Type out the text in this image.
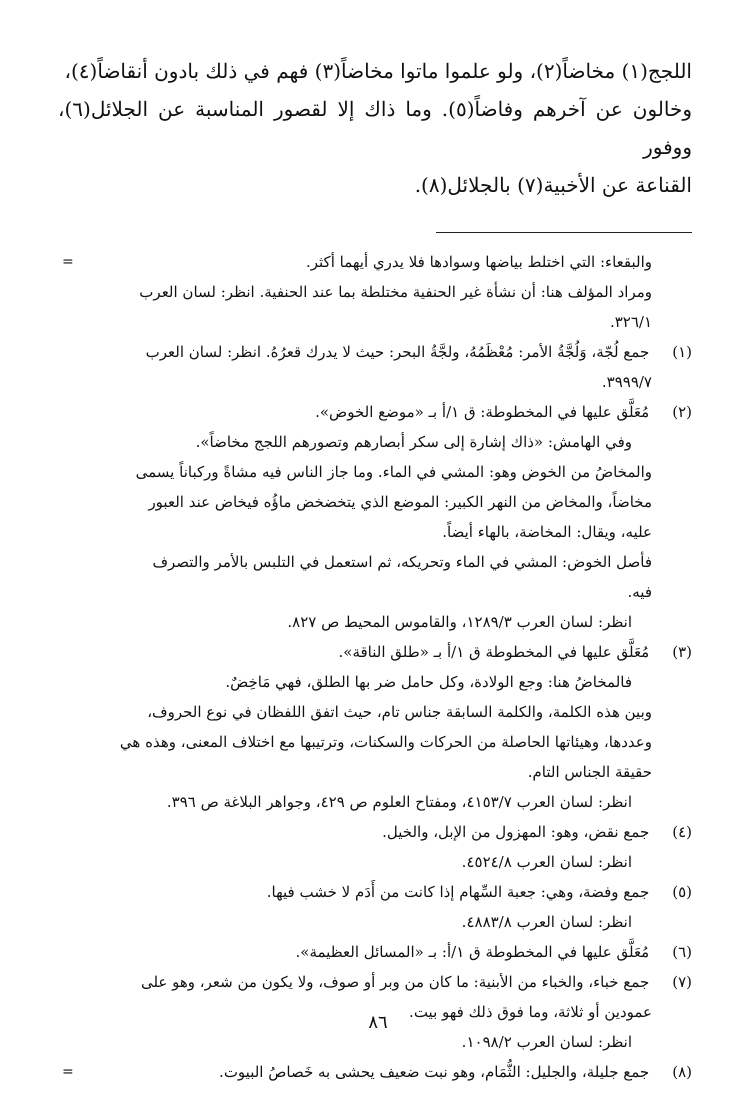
اللجج(١) مخاضاً(٢)، ولو علموا ماتوا مخاضاً(٣) فهم في ذلك بادون أنقاضاً(٤)،

وخالون عن آخرهم وفاضاً(٥). وما ذاك إلا لقصور المناسبة عن الجلائل(٦)، ووفور

القناعة عن الأخبية(٧) بالجلائل(٨).

=	والبقعاء: التي اختلط بياضها وسوادها فلا يدري أيهما أكثر.
ومراد المؤلف هنا: أن نشأة غير الحنفية مختلطة بما عند الحنفية. انظر: لسان العرب
٣٢٦/١.
(١) جمع لُجّة، وَلُجَّةُ الأمر: مُعْظَمُهُ، ولجَّةُ البحر: حيث لا يدرك قعرُهُ. انظر: لسان العرب
٣٩٩٩/٧.
(٢) مُعَلَّق عليها في المخطوطة: ق ١/أ بـ «موضع الخوض».
وفي الهامش: «ذاك إشارة إلى سكر أبصارهم وتصورهم اللجج مخاضاً».
والمخاضُ من الخوض وهو: المشي في الماء. وما جاز الناس فيه مشاةً وركباناً يسمى
مخاضاً، والمخاض من النهر الكبير: الموضع الذي يتخضخض ماؤُه فيخاض عند العبور
عليه، ويقال: المخاضة، بالهاء أيضاً.
فأصل الخوض: المشي في الماء وتحريكه، ثم استعمل في التلبس بالأمر والتصرف
فيه.
انظر: لسان العرب ١٢٨٩/٣، والقاموس المحيط ص ٨٢٧.
(٣) مُعَلَّق عليها في المخطوطة ق ١/أ بـ «طلق الناقة».
فالمخاضُ هنا: وجع الولادة، وكل حامل ضر بها الطلق، فهي مَاخِضٌ.
وبين هذه الكلمة، والكلمة السابقة جناس تام، حيث اتفق اللفظان في نوع الحروف،
وعددها، وهيئاتها الحاصلة من الحركات والسكنات، وترتيبها مع اختلاف المعنى، وهذه هي
حقيقة الجناس التام.
انظر: لسان العرب ٤١٥٣/٧، ومفتاح العلوم ص ٤٢٩، وجواهر البلاغة ص ٣٩٦.
(٤) جمع نقض، وهو: المهزول من الإبل، والخيل.
انظر: لسان العرب ٤٥٢٤/٨.
(٥) جمع وفضة، وهي: جعبة السِّهام إذا كانت من أَدَم لا خشب فيها.
انظر: لسان العرب ٤٨٨٣/٨.
(٦) مُعَلَّق عليها في المخطوطة ق ١/أ: بـ «المسائل العظيمة».
(٧) جمع خباء، والخباء من الأبنية: ما كان من وبر أو صوف، ولا يكون من شعر، وهو على
عمودين أو ثلاثة، وما فوق ذلك فهو بيت.
انظر: لسان العرب ١٠٩٨/٢.
(٨) جمع جليلة، والجليل: الثُّمَام، وهو نبت ضعيف يحشى به خَصاصُ البيوت.
=
٨٦
